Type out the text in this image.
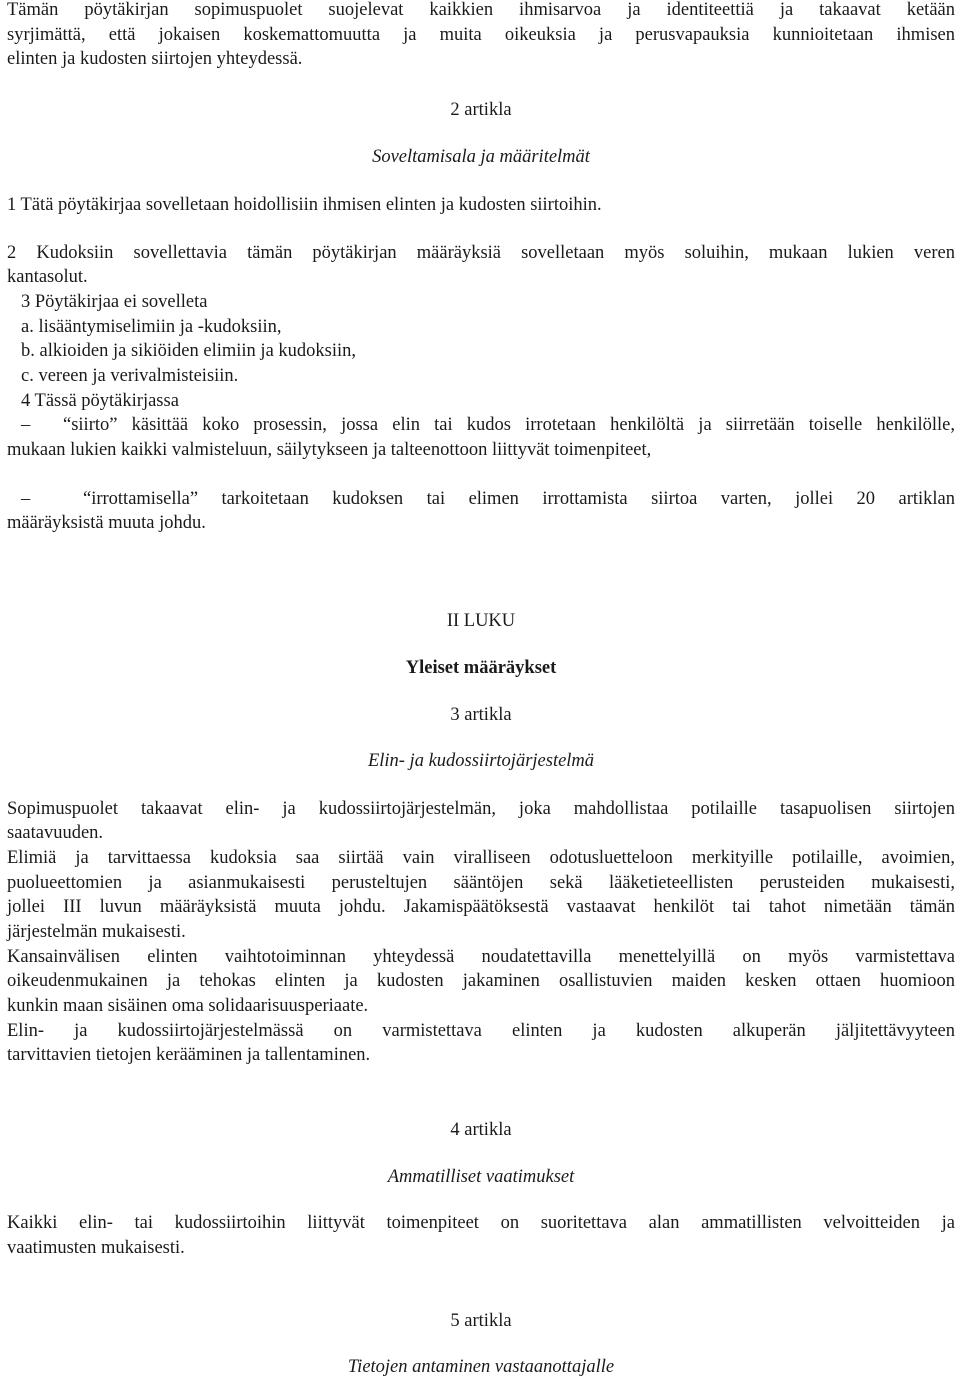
Tämän pöytäkirjan sopimuspuolet suojelevat kaikkien ihmisarvoa ja identiteettiä ja takaavat ketään
syrjimättä, että jokaisen koskemattomuutta ja muita oikeuksia ja perusvapauksia kunnioitetaan ihmisen
elinten ja kudosten siirtojen yhteydessä.
2 artikla
Soveltamisala ja määritelmät
1 Tätä pöytäkirjaa sovelletaan hoidollisiin ihmisen elinten ja kudosten siirtoihin.
2 Kudoksiin sovellettavia tämän pöytäkirjan määräyksiä sovelletaan myös soluihin, mukaan lukien veren
kantasolut.
3 Pöytäkirjaa ei sovelleta
a. lisääntymiselimiin ja -kudoksiin,
b. alkioiden ja sikiöiden elimiin ja kudoksiin,
c. vereen ja verivalmisteisiin.
4 Tässä pöytäkirjassa
–	“siirto” käsittää koko prosessin, jossa elin tai kudos irrotetaan henkilöltä ja siirretään toiselle henkilölle,
mukaan lukien kaikki valmisteluun, säilytykseen ja talteenottoon liittyvät toimenpiteet,
–	“irrottamisella” tarkoitetaan kudoksen tai elimen irrottamista siirtoa varten, jollei 20 artiklan
määräyksistä muuta johdu.
II LUKU
Yleiset määräykset
3 artikla
Elin- ja kudossiirtojärjestelmä
Sopimuspuolet takaavat elin- ja kudossiirtojärjestelmän, joka mahdollistaa potilaille tasapuolisen siirtojen
saatavuuden.
Elimiä ja tarvittaessa kudoksia saa siirtää vain viralliseen odotusluetteloon merkityille potilaille, avoimien,
puolueettomien ja asianmukaisesti perusteltujen sääntöjen sekä lääketieteellisten perusteiden mukaisesti,
jollei III luvun määräyksistä muuta johdu. Jakamispäätöksestä vastaavat henkilöt tai tahot nimetään tämän
järjestelmän mukaisesti.
Kansainvälisen elinten vaihtotoiminnan yhteydessä noudatettavilla menettelyillä on myös varmistettava
oikeudenmukainen ja tehokas elinten ja kudosten jakaminen osallistuvien maiden kesken ottaen huomioon
kunkin maan sisäinen oma solidaarisuusperiaate.
Elin- ja kudossiirtojärjestelmässä on varmistettava elinten ja kudosten alkuperän jäljitettävyyteen
tarvittavien tietojen kerääminen ja tallentaminen.
4 artikla
Ammatilliset vaatimukset
Kaikki elin- tai kudossiirtoihin liittyvät toimenpiteet on suoritettava alan ammatillisten velvoitteiden ja
vaatimusten mukaisesti.
5 artikla
Tietojen antaminen vastaanottajalle
